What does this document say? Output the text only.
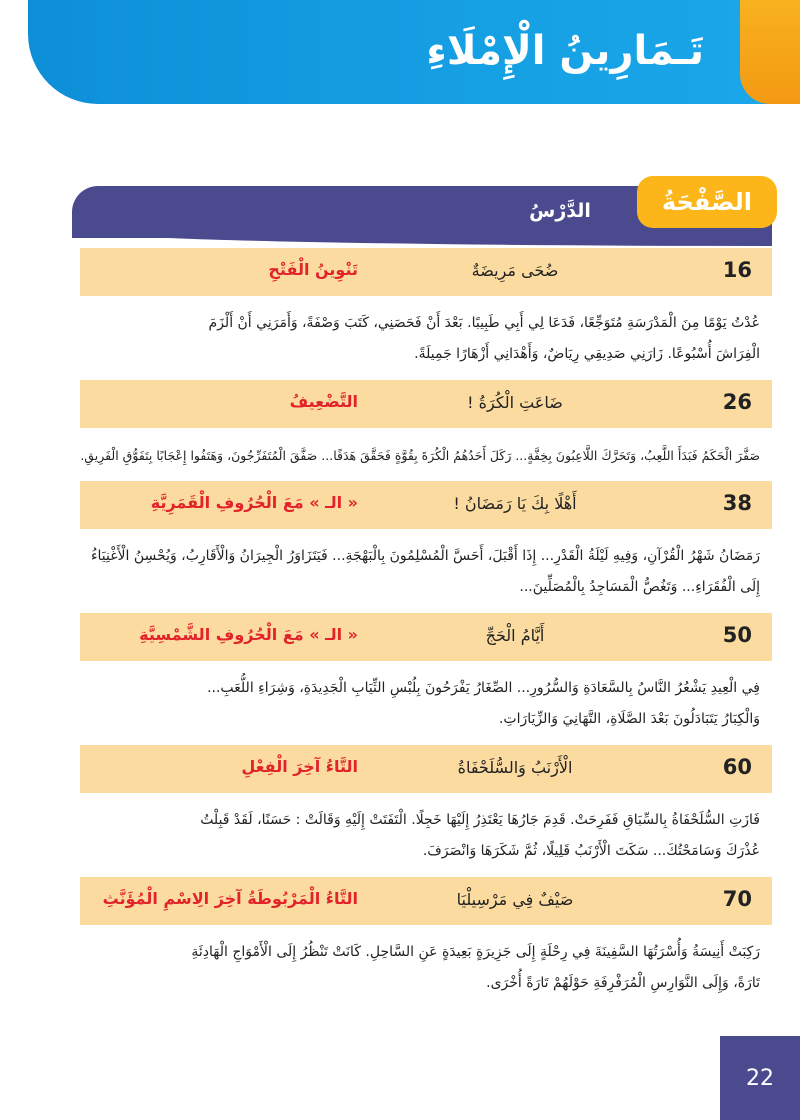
تَـمَارِينُ الْإِمْلَاءِ
الدَّرْسُ	الصَّفْحَةُ
16
ضُحَى مَرِيضَةٌ
تَنْوِينُ الْفَتْحِ

عُدْتُ يَوْمًا مِنَ الْمَدْرَسَةِ مُتَوَجِّعًا، فَدَعَا لِي أَبِي طَبِيبًا. بَعْدَ أَنْ فَحَصَنِي، كَتَبَ وَصْفَةً، وَأَمَرَنِي أَنْ أَلْزَمَ

الْفِرَاشَ أُسْبُوعًا. زَارَنِي صَدِيقِي رِيَاضٌ، وَأَهْدَانِي أَزْهَارًا جَمِيلَةً.

26
ضَاعَتِ الْكُرَةُ !
التَّضْعِيفُ

صَفَّرَ الْحَكَمُ فَبَدَأَ اللَّعِبُ، وَتَحَرَّكَ اللَّاعِبُونَ بِخِفَّةٍ... رَكَلَ أَحَدُهُمُ الْكُرَةَ بِقُوَّةٍ فَحَقَّقَ هَدَفًا... صَفَّقَ الْمُتَفَرِّجُونَ، وَهَتَفُوا إِعْجَابًا بِتَفَوُّقِ الْفَرِيقِ.

38
أَهْلًا بِكَ يَا رَمَضَانُ !
« الـ » مَعَ الْحُرُوفِ الْقَمَرِيَّةِ

رَمَضَانُ شَهْرُ الْقُرْآنِ، وَفِيهِ لَيْلَةُ الْقَدْرِ... إِذَا أَقْبَلَ، أَحَسَّ الْمُسْلِمُونَ بِالْبَهْجَةِ... فَيَتَزَاوَرُ الْجِيرَانُ وَالْأَقَارِبُ، وَيُحْسِنُ الْأَغْنِيَاءُ

إِلَى الْفُقَرَاءِ... وَتَغُصُّ الْمَسَاجِدُ بِالْمُصَلِّينَ...

50
أَيَّامُ الْحَجِّ
« الـ » مَعَ الْحُرُوفِ الشَّمْسِيَّةِ

فِي الْعِيدِ يَشْعُرُ النَّاسُ بِالسَّعَادَةِ وَالسُّرُورِ... الصِّغَارُ يَفْرَحُونَ بِلُبْسِ الثِّيَابِ الْجَدِيدَةِ، وَشِرَاءِ اللُّعَبِ...

وَالْكِبَارُ يَتَبَادَلُونَ بَعْدَ الصَّلَاةِ، التَّهَانِيَ وَالزِّيَارَاتِ.

60
الْأَرْنَبُ وَالسُّلَحْفَاةُ
التَّاءُ آخِرَ الْفِعْلِ

فَازَتِ السُّلَحْفَاةُ بِالسِّبَاقِ فَفَرِحَتْ. قَدِمَ جَارُهَا يَعْتَذِرُ إِلَيْهَا خَجِلًا. الْتَفَتَتْ إِلَيْهِ وَقَالَتْ : حَسَنًا، لَقَدْ قَبِلْتُ

عُذْرَكَ وَسَامَحْتُكَ... سَكَتَ الْأَرْنَبُ قَلِيلًا، ثُمَّ شَكَرَهَا وَانْصَرَفَ.

70
صَيْفٌ فِي مَرْسِيلْيَا
التَّاءُ الْمَرْبُوطَةُ آخِرَ الِاسْمِ الْمُؤَنَّثِ

رَكِبَتْ أَنِيسَةُ وَأُسْرَتُهَا السَّفِينَةَ فِي رِحْلَةٍ إِلَى جَزِيرَةٍ بَعِيدَةٍ عَنِ السَّاحِلِ. كَانَتْ تَنْظُرُ إِلَى الْأَمْوَاجِ الْهَادِئَةِ

تَارَةً، وَإِلَى النَّوَارِسِ الْمُرَفْرِفَةِ حَوْلَهُمْ تَارَةً أُخْرَى.

22
